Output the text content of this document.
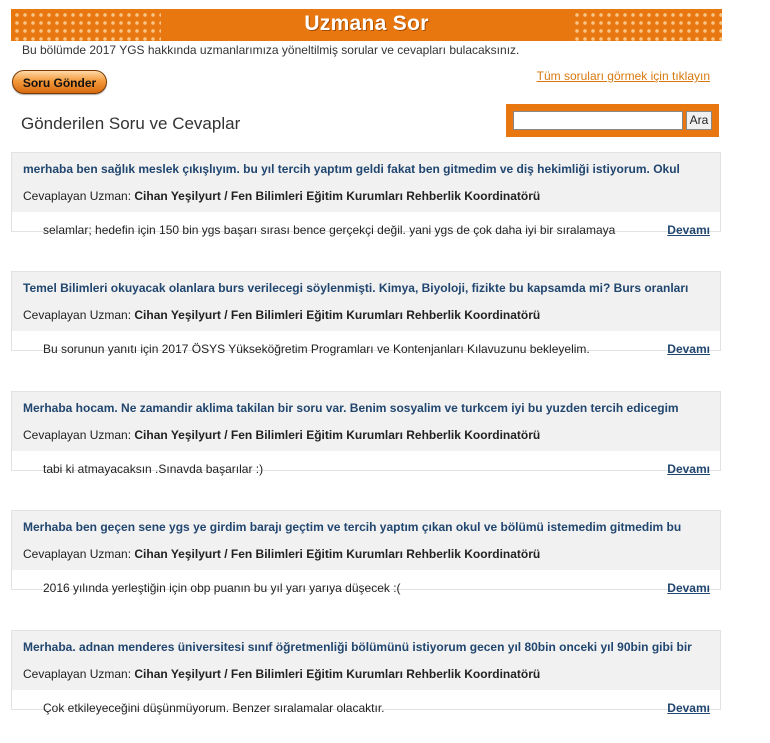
Uzmana Sor
Bu bölümde 2017 YGS hakkında uzmanlarımıza yöneltilmiş sorular ve cevapları bulacaksınız.
Soru Gönder	Tüm soruları görmek için tıklayın
Gönderilen Soru ve Cevaplar	Ara
merhaba ben sağlık meslek çıkışlıyım. bu yıl tercih yaptım geldi fakat ben gitmedim ve diş hekimliği istiyorum. Okul
Cevaplayan Uzman: Cihan Yeşilyurt / Fen Bilimleri Eğitim Kurumları Rehberlik Koordinatörü
selamlar; hedefin için 150 bin ygs başarı sırası bence gerçekçi değil. yani ygs de çok daha iyi bir sıralamaya	Devamı
Temel Bilimleri okuyacak olanlara burs verilecegi söylenmişti. Kimya, Biyoloji, fizikte bu kapsamda mi? Burs oranları
Cevaplayan Uzman: Cihan Yeşilyurt / Fen Bilimleri Eğitim Kurumları Rehberlik Koordinatörü
Bu sorunun yanıtı için 2017 ÖSYS Yükseköğretim Programları ve Kontenjanları Kılavuzunu bekleyelim.	Devamı
Merhaba hocam. Ne zamandir aklima takilan bir soru var. Benim sosyalim ve turkcem iyi bu yuzden tercih edicegim
Cevaplayan Uzman: Cihan Yeşilyurt / Fen Bilimleri Eğitim Kurumları Rehberlik Koordinatörü
tabi ki atmayacaksın .Sınavda başarılar :)	Devamı
Merhaba ben geçen sene ygs ye girdim barajı geçtim ve tercih yaptım çıkan okul ve bölümü istemedim gitmedim bu
Cevaplayan Uzman: Cihan Yeşilyurt / Fen Bilimleri Eğitim Kurumları Rehberlik Koordinatörü
2016 yılında yerleştiğin için obp puanın bu yıl yarı yarıya düşecek :(	Devamı
Merhaba. adnan menderes üniversitesi sınıf öğretmenliği bölümünü istiyorum gecen yıl 80bin onceki yıl 90bin gibi bir
Cevaplayan Uzman: Cihan Yeşilyurt / Fen Bilimleri Eğitim Kurumları Rehberlik Koordinatörü
Çok etkileyeceğini düşünmüyorum. Benzer sıralamalar olacaktır.	Devamı
